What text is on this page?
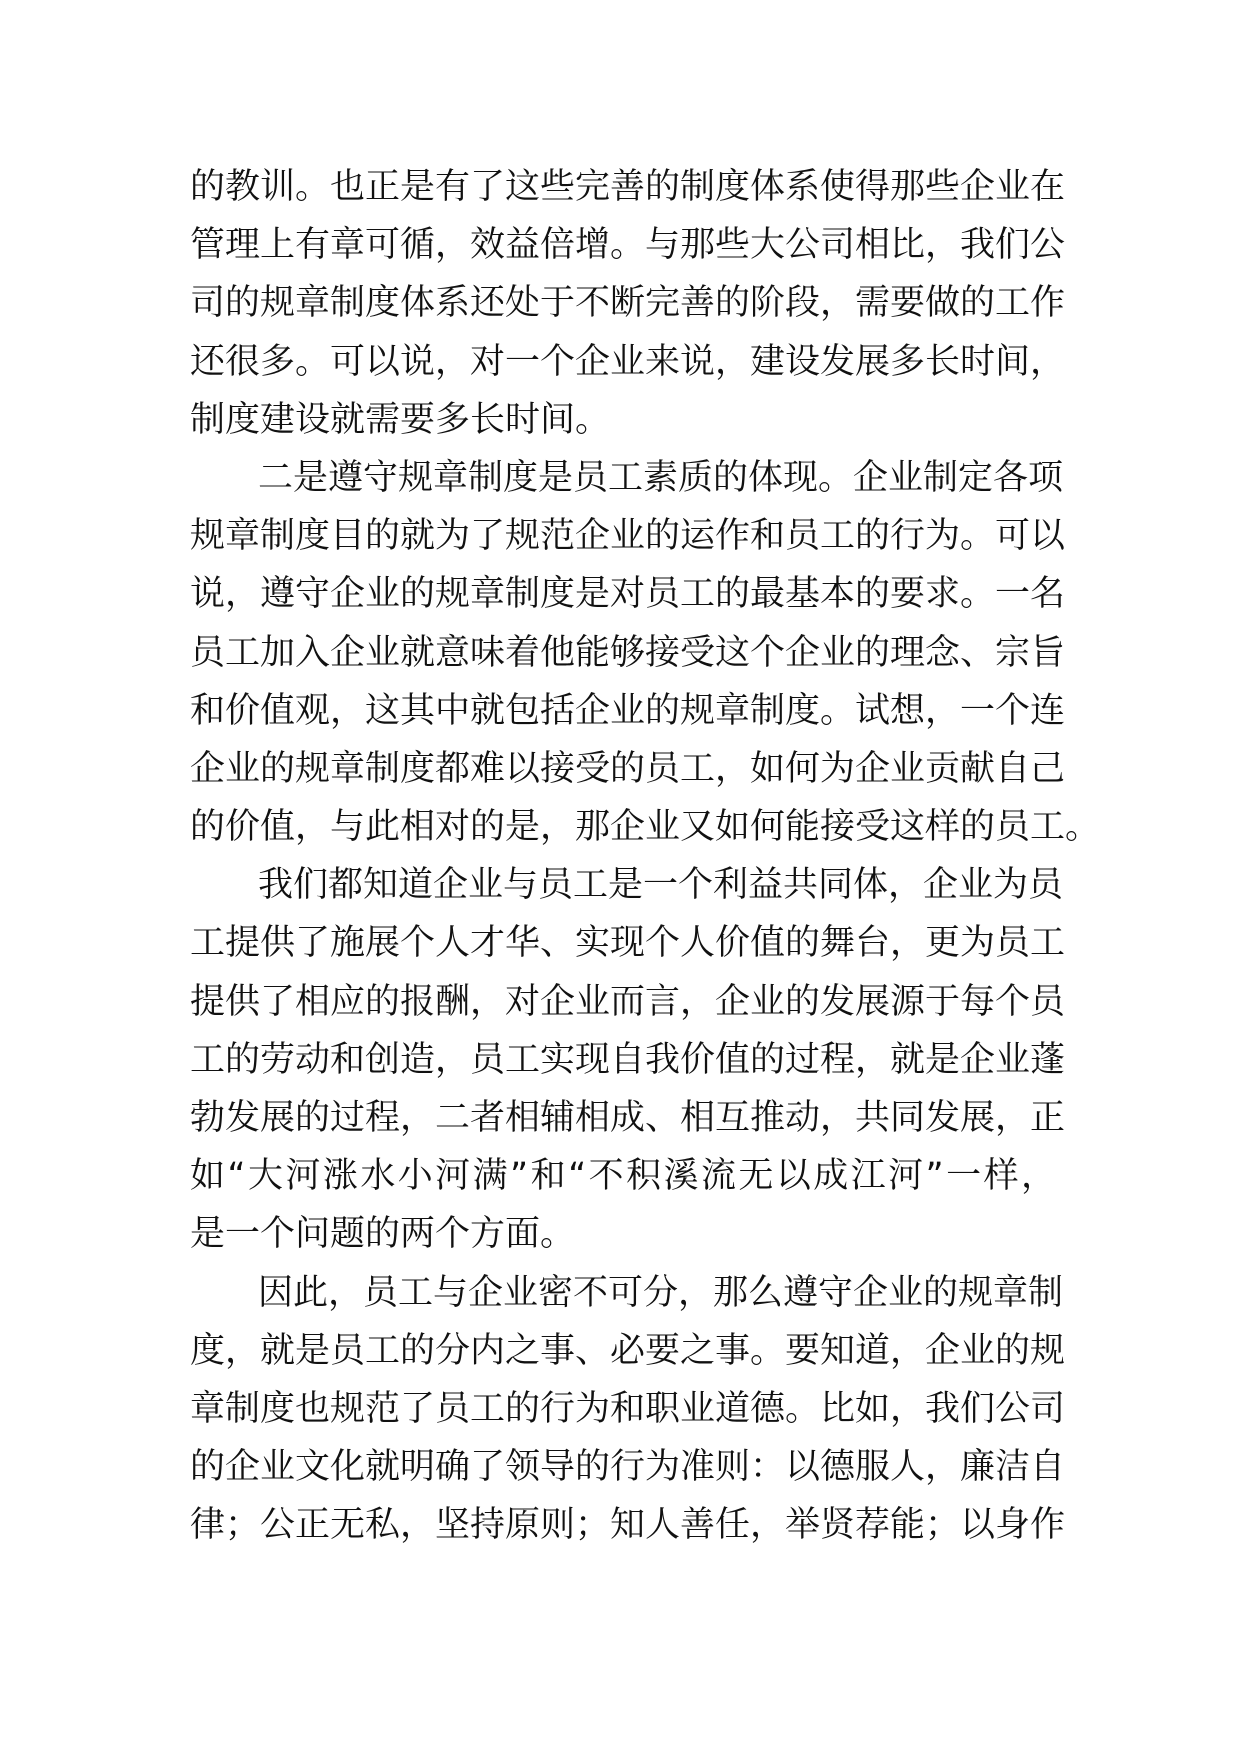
的教训。也正是有了这些完善的制度体系使得那些企业在
管理上有章可循，效益倍增。与那些大公司相比，我们公
司的规章制度体系还处于不断完善的阶段，需要做的工作
还很多。可以说，对一个企业来说，建设发展多长时间，
制度建设就需要多长时间。
二是遵守规章制度是员工素质的体现。企业制定各项
规章制度目的就为了规范企业的运作和员工的行为。可以
说，遵守企业的规章制度是对员工的最基本的要求。一名
员工加入企业就意味着他能够接受这个企业的理念、宗旨
和价值观，这其中就包括企业的规章制度。试想，一个连
企业的规章制度都难以接受的员工，如何为企业贡献自己
的价值，与此相对的是，那企业又如何能接受这样的员工。
我们都知道企业与员工是一个利益共同体，企业为员
工提供了施展个人才华、实现个人价值的舞台，更为员工
提供了相应的报酬，对企业而言，企业的发展源于每个员
工的劳动和创造，员工实现自我价值的过程，就是企业蓬
勃发展的过程，二者相辅相成、相互推动，共同发展，正
如“大河涨水小河满”和“不积溪流无以成江河”一样，
是一个问题的两个方面。
因此，员工与企业密不可分，那么遵守企业的规章制
度，就是员工的分内之事、必要之事。要知道，企业的规
章制度也规范了员工的行为和职业道德。比如，我们公司
的企业文化就明确了领导的行为准则：以德服人，廉洁自
律；公正无私，坚持原则；知人善任，举贤荐能；以身作
